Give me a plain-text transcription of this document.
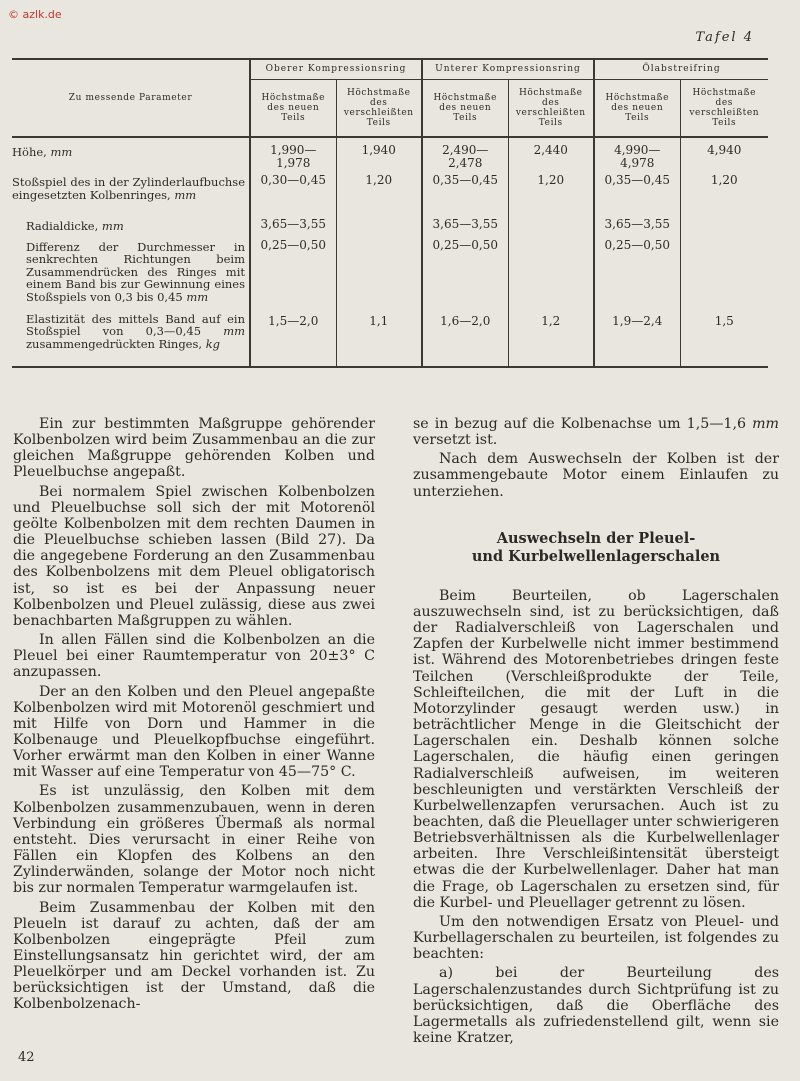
© azlk.de
Tafel 4
Zu messende Parameter	Oberer Kompressionsring		Unterer Kompressionsring		Ölabstreifring	
	Höchstmaße des neuen Teils	Höchstmaße des verschleißten Teils	Höchstmaße des neuen Teils	Höchstmaße des verschleißten Teils	Höchstmaße des neuen Teils	Höchstmaße des verschleißten Teils
Höhe, mm	1,990—1,978	1,940	2,490—2,478	2,440	4,990—4,978	4,940
Stoßspiel des in der Zylinderlaufbuchse eingesetzten Kolbenringes, mm	0,30—0,45	1,20	0,35—0,45	1,20	0,35—0,45	1,20
Radialdicke, mm	3,65—3,55		3,65—3,55		3,65—3,55	
Differenz der Durchmesser in senkrechten Richtungen beim Zusammendrücken des Ringes mit einem Band bis zur Gewinnung eines Stoßspiels von 0,3 bis 0,45 mm	0,25—0,50		0,25—0,50		0,25—0,50	
Elastizität des mittels Band auf ein Stoßspiel von 0,3—0,45 mm zusammengedrückten Ringes, kg	1,5—2,0	1,1	1,6—2,0	1,2	1,9—2,4	1,5

Ein zur bestimmten Maßgruppe gehörender Kolbenbolzen wird beim Zusammenbau an die zur gleichen Maßgruppe gehörenden Kolben und Pleuelbuchse angepaßt.

Bei normalem Spiel zwischen Kolbenbolzen und Pleuelbuchse soll sich der mit Motorenöl geölte Kolbenbolzen mit dem rechten Daumen in die Pleuelbuchse schieben lassen (Bild 27). Da die angegebene Forderung an den Zusammenbau des Kolbenbolzens mit dem Pleuel obligatorisch ist, so ist es bei der Anpassung neuer Kolbenbolzen und Pleuel zulässig, diese aus zwei benachbarten Maßgruppen zu wählen.

In allen Fällen sind die Kolbenbolzen an die Pleuel bei einer Raumtemperatur von 20±3° C anzupassen.

Der an den Kolben und den Pleuel angepaßte Kolbenbolzen wird mit Motorenöl geschmiert und mit Hilfe von Dorn und Hammer in die Kolbenauge und Pleuelkopfbuchse eingeführt. Vorher erwärmt man den Kolben in einer Wanne mit Wasser auf eine Temperatur von 45—75° C.

Es ist unzulässig, den Kolben mit dem Kolbenbolzen zusammenzubauen, wenn in deren Verbindung ein größeres Übermaß als normal entsteht. Dies verursacht in einer Reihe von Fällen ein Klopfen des Kolbens an den Zylinderwänden, solange der Motor noch nicht bis zur normalen Temperatur warmgelaufen ist.

Beim Zusammenbau der Kolben mit den Pleueln ist darauf zu achten, daß der am Kolbenbolzen eingeprägte Pfeil zum Einstellungsansatz hin gerichtet wird, der am Pleuelkörper und am Deckel vorhanden ist. Zu berücksichtigen ist der Umstand, daß die Kolbenbolzenach-

se in bezug auf die Kolbenachse um 1,5—1,6 mm versetzt ist.

Nach dem Auswechseln der Kolben ist der zusammengebaute Motor einem Einlaufen zu unterziehen.

Auswechseln der Pleuel-
und Kurbelwellenlagerschalen

Beim Beurteilen, ob Lagerschalen auszuwechseln sind, ist zu berücksichtigen, daß der Radialverschleiß von Lagerschalen und Zapfen der Kurbelwelle nicht immer bestimmend ist. Während des Motorenbetriebes dringen feste Teilchen (Verschleißprodukte der Teile, Schleifteilchen, die mit der Luft in die Motorzylinder gesaugt werden usw.) in beträchtlicher Menge in die Gleitschicht der Lagerschalen ein. Deshalb können solche Lagerschalen, die häufig einen geringen Radialverschleiß aufweisen, im weiteren beschleunigten und verstärkten Verschleiß der Kurbelwellenzapfen verursachen. Auch ist zu beachten, daß die Pleuellager unter schwierigeren Betriebsverhältnissen als die Kurbelwellenlager arbeiten. Ihre Verschleißintensität übersteigt etwas die der Kurbelwellenlager. Daher hat man die Frage, ob Lagerschalen zu ersetzen sind, für die Kurbel- und Pleuellager getrennt zu lösen.

Um den notwendigen Ersatz von Pleuel- und Kurbellagerschalen zu beurteilen, ist folgendes zu beachten:

a) bei der Beurteilung des Lagerschalenzustandes durch Sichtprüfung ist zu berücksichtigen, daß die Oberfläche des Lagermetalls als zufriedenstellend gilt, wenn sie keine Kratzer,

42
